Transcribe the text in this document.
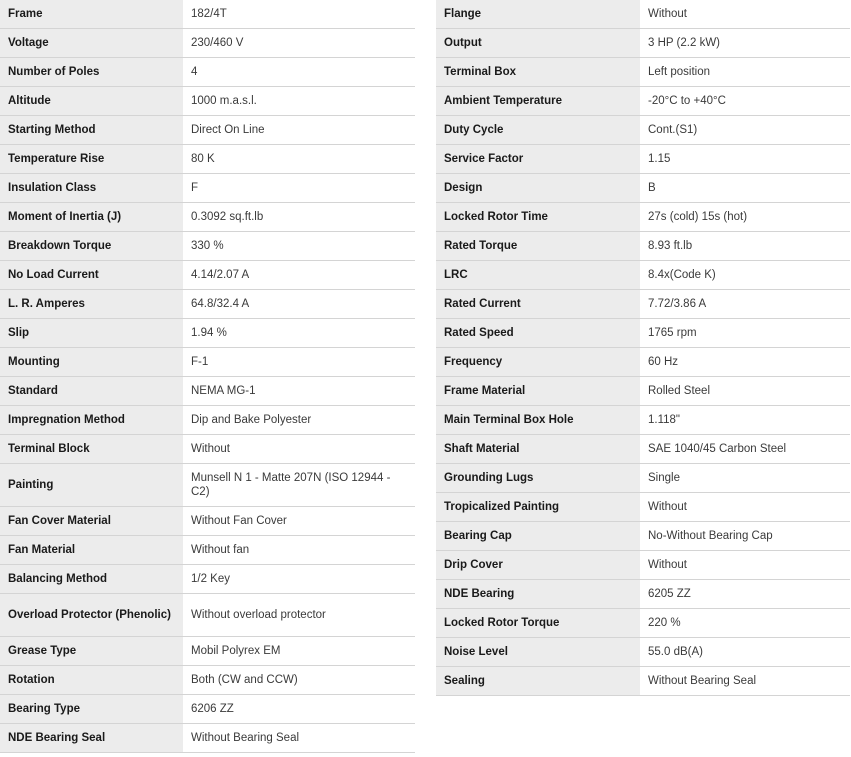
Frame	182/4T
Voltage	230/460 V
Number of Poles	4
Altitude	1000 m.a.s.l.
Starting Method	Direct On Line
Temperature Rise	80 K
Insulation Class	F
Moment of Inertia (J)	0.3092 sq.ft.lb
Breakdown Torque	330 %
No Load Current	4.14/2.07 A
L. R. Amperes	64.8/32.4 A
Slip	1.94 %
Mounting	F-1
Standard	NEMA MG-1
Impregnation Method	Dip and Bake Polyester
Terminal Block	Without
Painting	Munsell N 1 - Matte 207N (ISO 12944 - C2)
Fan Cover Material	Without Fan Cover
Fan Material	Without fan
Balancing Method	1/2 Key
Overload Protector (Phenolic)	Without overload protector
Grease Type	Mobil Polyrex EM
Rotation	Both (CW and CCW)
Bearing Type	6206 ZZ
NDE Bearing Seal	Without Bearing Seal
Flange	Without
Output	3 HP (2.2 kW)
Terminal Box	Left position
Ambient Temperature	-20°C to +40°C
Duty Cycle	Cont.(S1)
Service Factor	1.15
Design	B
Locked Rotor Time	27s (cold) 15s (hot)
Rated Torque	8.93 ft.lb
LRC	8.4x(Code K)
Rated Current	7.72/3.86 A
Rated Speed	1765 rpm
Frequency	60 Hz
Frame Material	Rolled Steel
Main Terminal Box Hole	1.118"
Shaft Material	SAE 1040/45 Carbon Steel
Grounding Lugs	Single
Tropicalized Painting	Without
Bearing Cap	No-Without Bearing Cap
Drip Cover	Without
NDE Bearing	6205 ZZ
Locked Rotor Torque	220 %
Noise Level	55.0 dB(A)
Sealing	Without Bearing Seal
